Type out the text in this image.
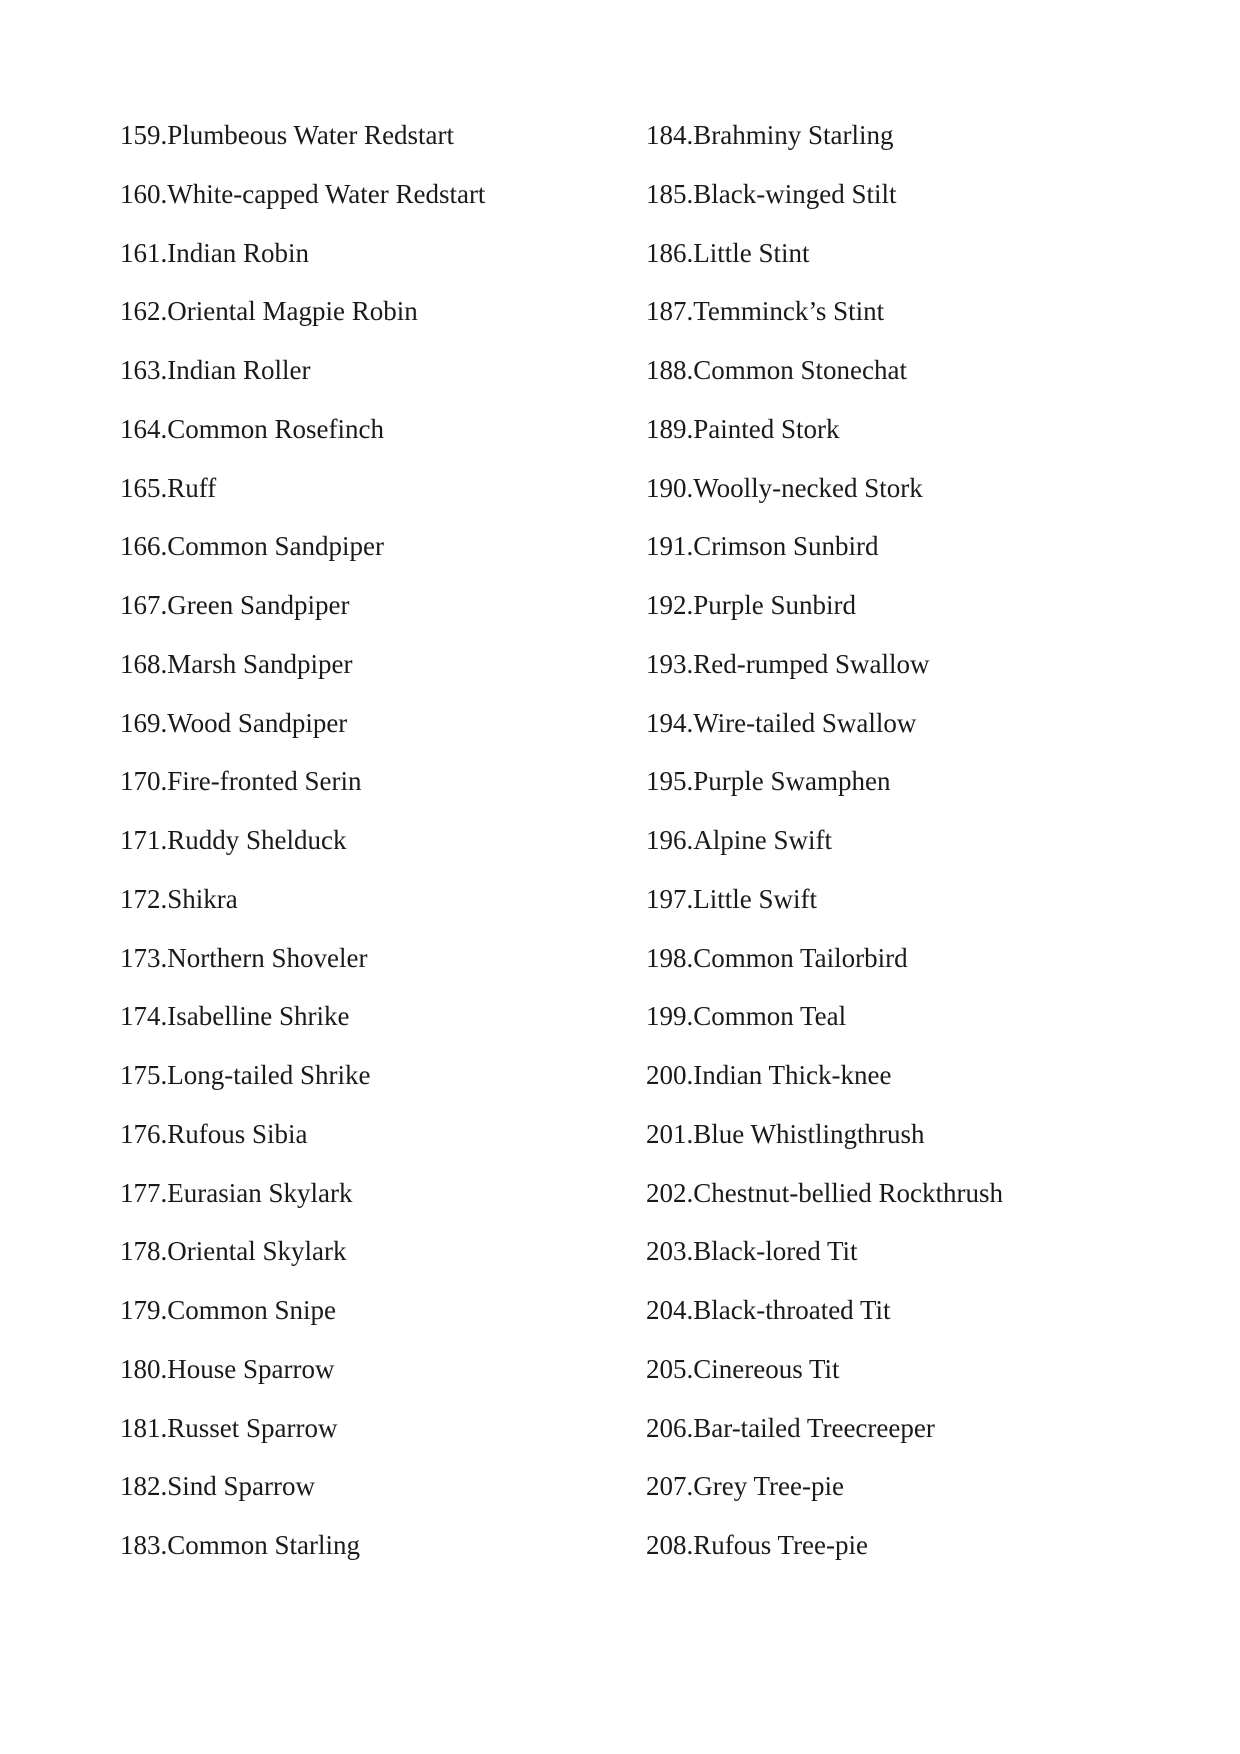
159.Plumbeous Water Redstart
160.White-capped Water Redstart
161.Indian Robin
162.Oriental Magpie Robin
163.Indian Roller
164.Common Rosefinch
165.Ruff
166.Common Sandpiper
167.Green Sandpiper
168.Marsh Sandpiper
169.Wood Sandpiper
170.Fire-fronted Serin
171.Ruddy Shelduck
172.Shikra
173.Northern Shoveler
174.Isabelline Shrike
175.Long-tailed Shrike
176.Rufous Sibia
177.Eurasian Skylark
178.Oriental Skylark
179.Common Snipe
180.House Sparrow
181.Russet Sparrow
182.Sind Sparrow
183.Common Starling
184.Brahminy Starling
185.Black-winged Stilt
186.Little Stint
187.Temminck’s Stint
188.Common Stonechat
189.Painted Stork
190.Woolly-necked Stork
191.Crimson Sunbird
192.Purple Sunbird
193.Red-rumped Swallow
194.Wire-tailed Swallow
195.Purple Swamphen
196.Alpine Swift
197.Little Swift
198.Common Tailorbird
199.Common Teal
200.Indian Thick-knee
201.Blue Whistlingthrush
202.Chestnut-bellied Rockthrush
203.Black-lored Tit
204.Black-throated Tit
205.Cinereous Tit
206.Bar-tailed Treecreeper
207.Grey Tree-pie
208.Rufous Tree-pie
